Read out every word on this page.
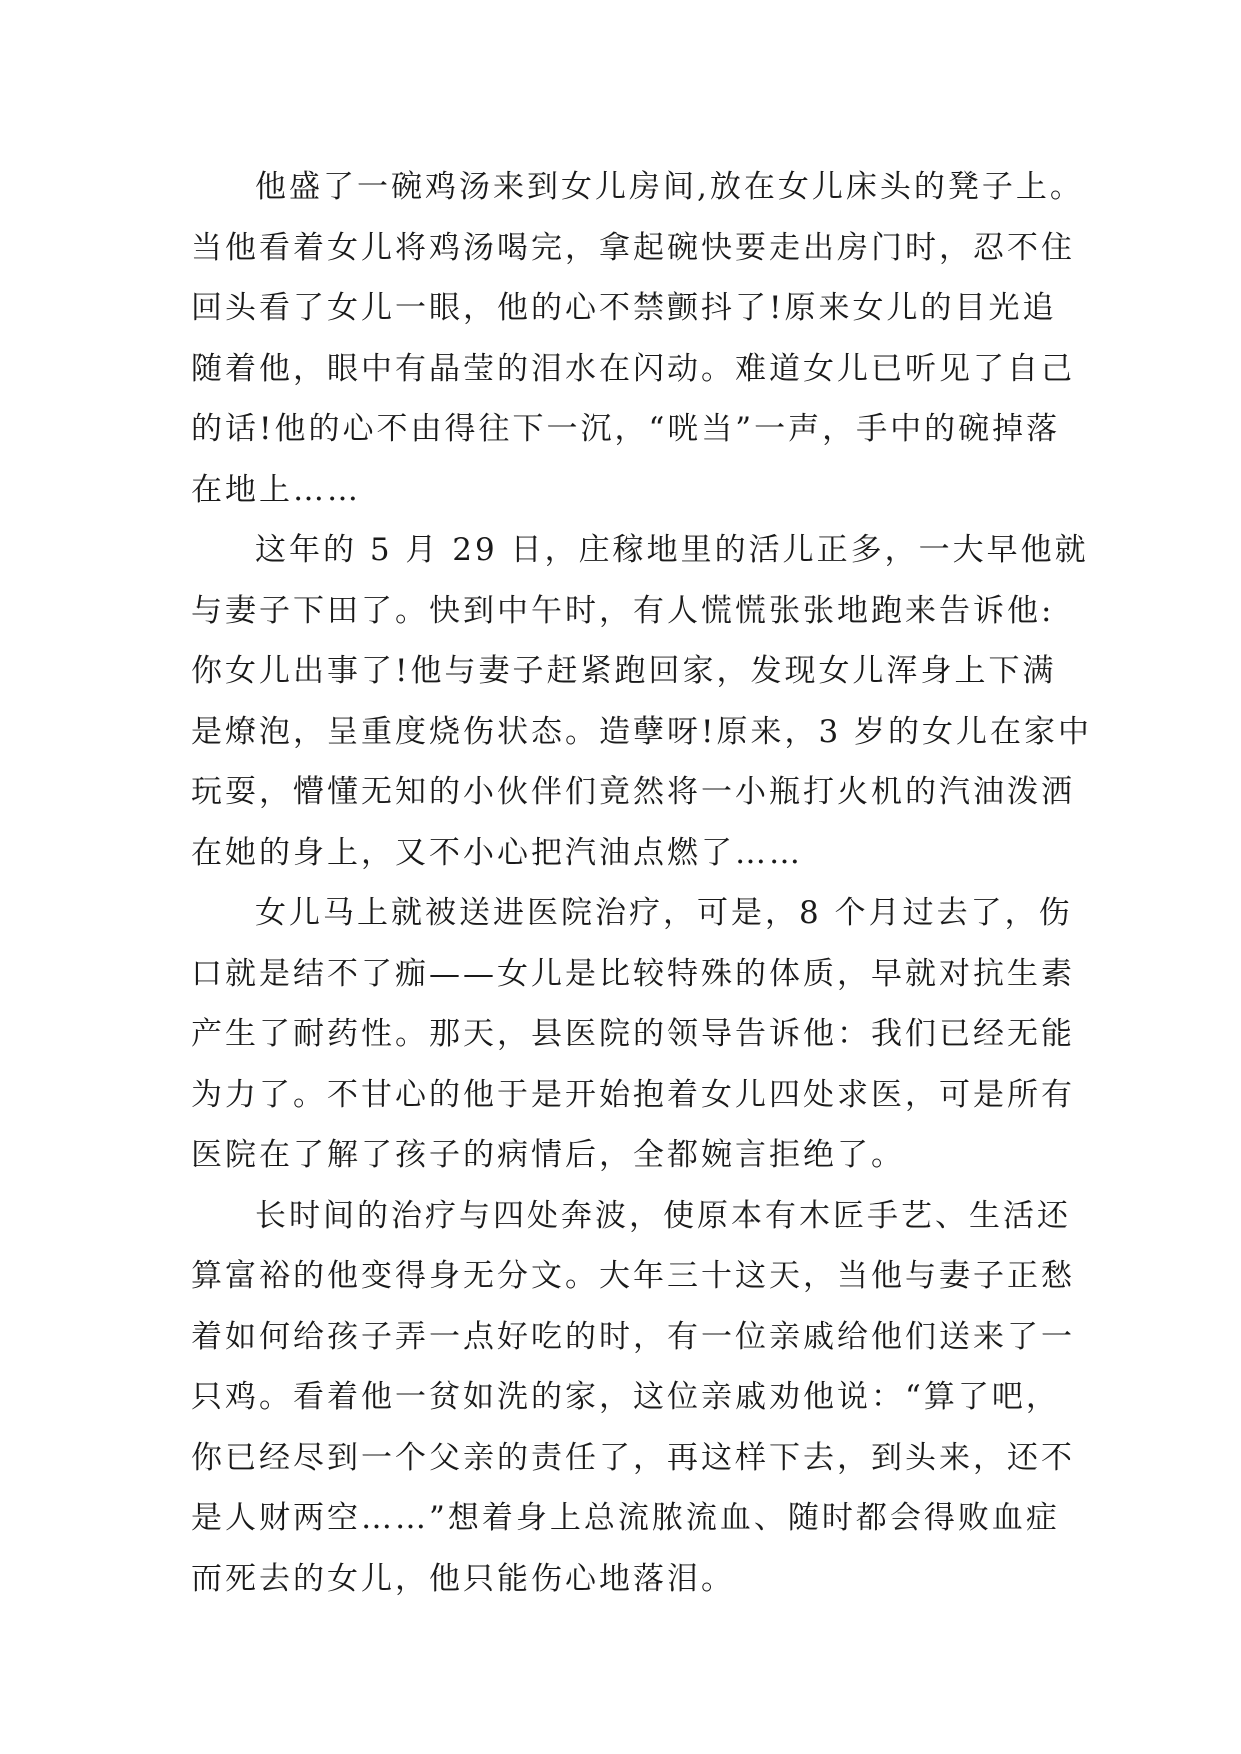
他盛了一碗鸡汤来到女儿房间,放在女儿床头的凳子上。
当他看着女儿将鸡汤喝完，拿起碗快要走出房门时，忍不住
回头看了女儿一眼，他的心不禁颤抖了!原来女儿的目光追
随着他，眼中有晶莹的泪水在闪动。难道女儿已听见了自己
的话!他的心不由得往下一沉，“咣当”一声，手中的碗掉落
在地上……
这年的 5 月 29 日，庄稼地里的活儿正多，一大早他就
与妻子下田了。快到中午时，有人慌慌张张地跑来告诉他:
你女儿出事了!他与妻子赶紧跑回家，发现女儿浑身上下满
是燎泡，呈重度烧伤状态。造孽呀!原来，3 岁的女儿在家中
玩耍，懵懂无知的小伙伴们竟然将一小瓶打火机的汽油泼洒
在她的身上，又不小心把汽油点燃了……
女儿马上就被送进医院治疗，可是，8 个月过去了，伤
口就是结不了痂——女儿是比较特殊的体质，早就对抗生素
产生了耐药性。那天，县医院的领导告诉他：我们已经无能
为力了。不甘心的他于是开始抱着女儿四处求医，可是所有
医院在了解了孩子的病情后，全都婉言拒绝了。
长时间的治疗与四处奔波，使原本有木匠手艺、生活还
算富裕的他变得身无分文。大年三十这天，当他与妻子正愁
着如何给孩子弄一点好吃的时，有一位亲戚给他们送来了一
只鸡。看着他一贫如洗的家，这位亲戚劝他说：“算了吧，
你已经尽到一个父亲的责任了，再这样下去，到头来，还不
是人财两空……”想着身上总流脓流血、随时都会得败血症
而死去的女儿，他只能伤心地落泪。
